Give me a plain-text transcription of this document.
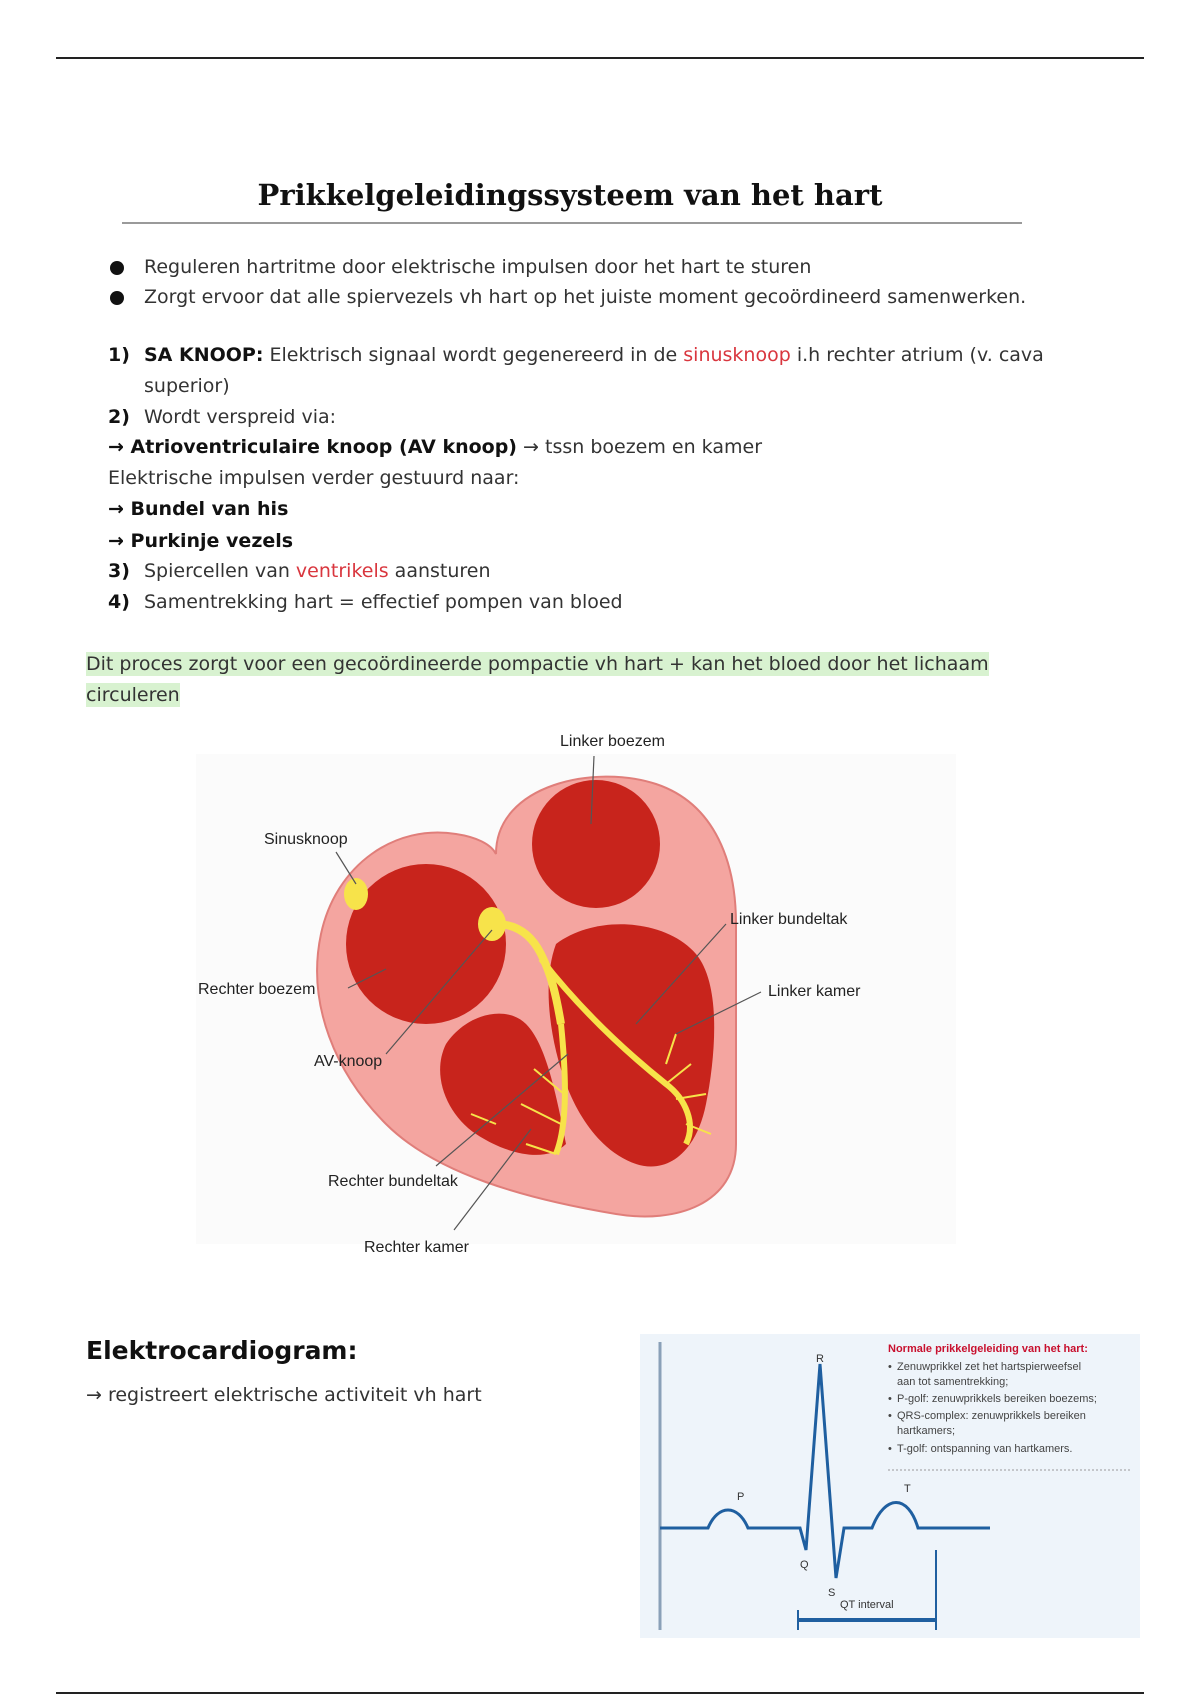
Prikkelgeleidingssysteem van het hart
Reguleren hartritme door elektrische impulsen door het hart te sturen
Zorgt ervoor dat alle spiervezels vh hart op het juiste moment gecoördineerd samenwerken.
1) SA KNOOP: Elektrisch signaal wordt gegenereerd in de sinusknoop i.h rechter atrium (v. cava
superior)
2) Wordt verspreid via:
→ Atrioventriculaire knoop (AV knoop) → tssn boezem en kamer
Elektrische impulsen verder gestuurd naar:
→ Bundel van his
→ Purkinje vezels
3) Spiercellen van ventrikels aansturen
4) Samentrekking hart = effectief pompen van bloed
Dit proces zorgt voor een gecoördineerde pompactie vh hart + kan het bloed door het lichaam
circuleren
Linker boezem
Sinusknoop
Linker bundeltak
Rechter boezem	Linker kamer
AV-knoop
Rechter bundeltak
Rechter kamer
Elektrocardiogram:
→ registreert elektrische activiteit vh hart
P
R
Q
S
T
QT interval
Normale prikkelgeleiding van het hart:
• Zenuwprikkel zet het hartspierweefsel
aan tot samentrekking;
• P-golf: zenuwprikkels bereiken boezems;
• QRS-complex: zenuwprikkels bereiken
hartkamers;
• T-golf: ontspanning van hartkamers.
